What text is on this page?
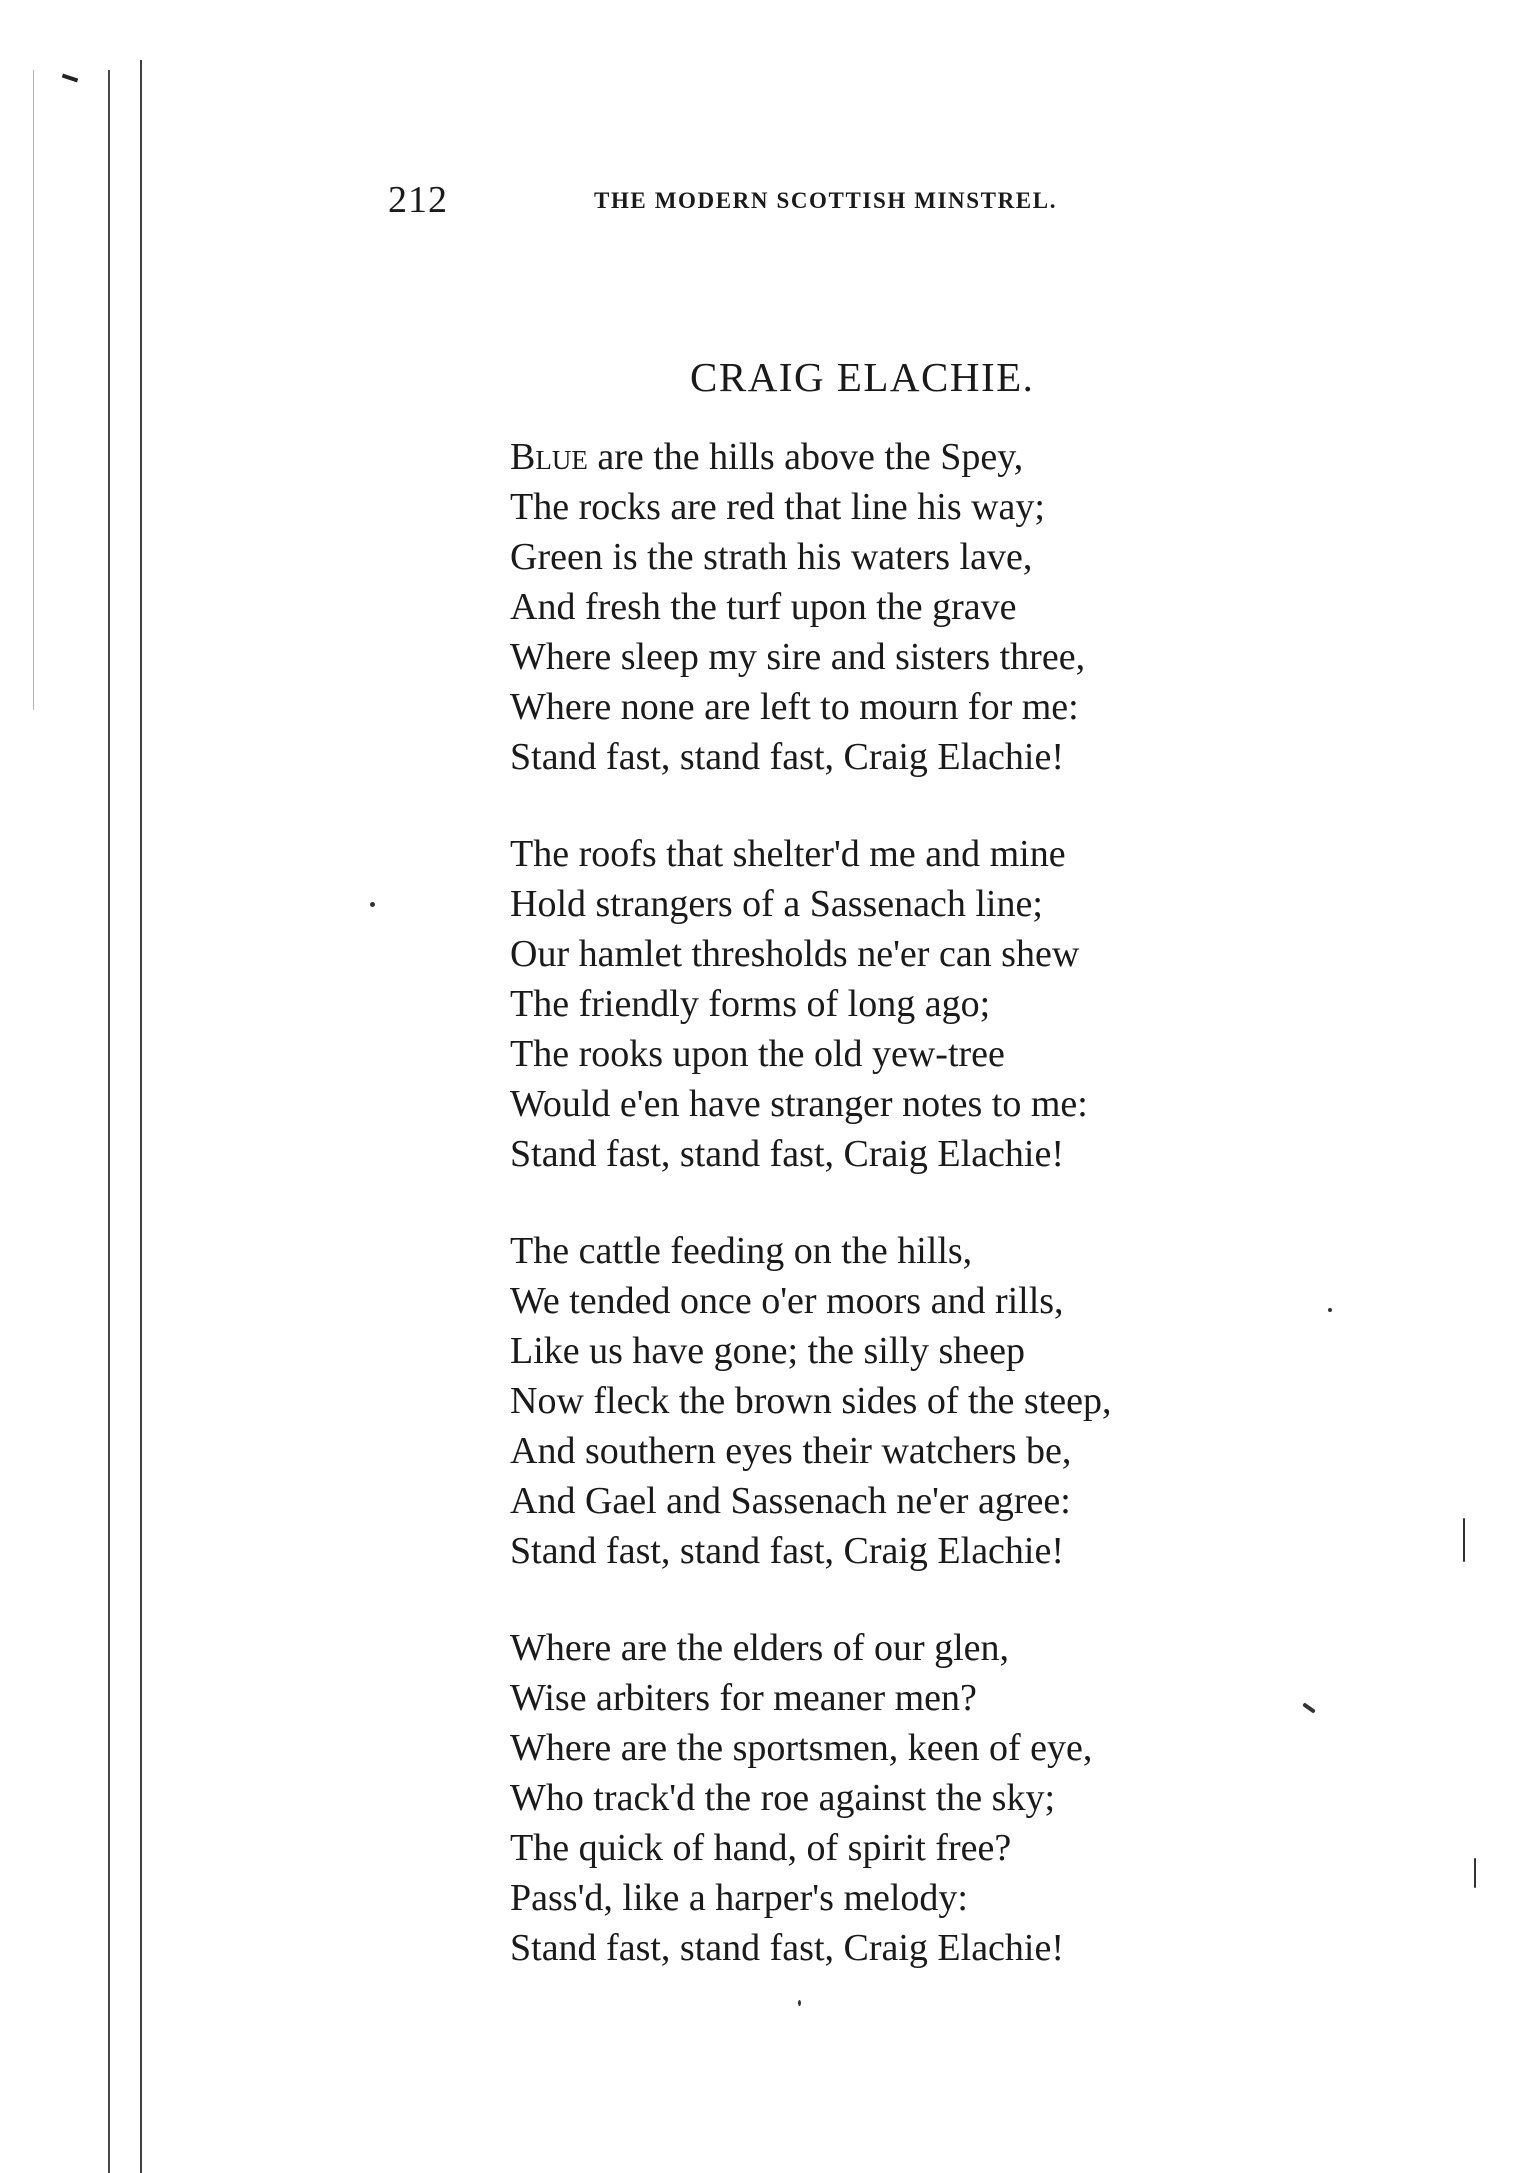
212	THE MODERN SCOTTISH MINSTREL.
CRAIG ELACHIE.
Blue are the hills above the Spey,
The rocks are red that line his way;
Green is the strath his waters lave,
And fresh the turf upon the grave
Where sleep my sire and sisters three,
Where none are left to mourn for me:
Stand fast, stand fast, Craig Elachie!
The roofs that shelter'd me and mine
Hold strangers of a Sassenach line;
Our hamlet thresholds ne'er can shew
The friendly forms of long ago;
The rooks upon the old yew-tree
Would e'en have stranger notes to me:
Stand fast, stand fast, Craig Elachie!
The cattle feeding on the hills,
We tended once o'er moors and rills,
Like us have gone; the silly sheep
Now fleck the brown sides of the steep,
And southern eyes their watchers be,
And Gael and Sassenach ne'er agree:
Stand fast, stand fast, Craig Elachie!
Where are the elders of our glen,
Wise arbiters for meaner men?
Where are the sportsmen, keen of eye,
Who track'd the roe against the sky;
The quick of hand, of spirit free?
Pass'd, like a harper's melody:
Stand fast, stand fast, Craig Elachie!
